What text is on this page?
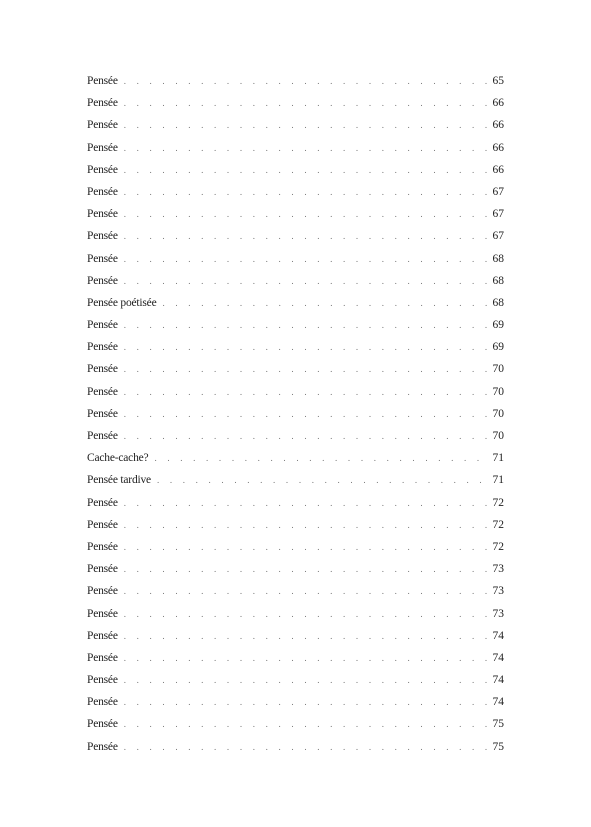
Pensée . . .	65
Pensée . . .	66
Pensée . . .	66
Pensée . . .	66
Pensée . . .	66
Pensée . . .	67
Pensée . . .	67
Pensée . . .	67
Pensée . . .	68
Pensée . . .	68
Pensée poétisée . . .	68
Pensée . . .	69
Pensée . . .	69
Pensée . . .	70
Pensée . . .	70
Pensée . . .	70
Pensée . . .	70
Cache-cache? . . .	71
Pensée tardive . . .	71
Pensée . . .	72
Pensée . . .	72
Pensée . . .	72
Pensée . . .	73
Pensée . . .	73
Pensée . . .	73
Pensée . . .	74
Pensée . . .	74
Pensée . . .	74
Pensée . . .	74
Pensée . . .	75
Pensée . . .	75
